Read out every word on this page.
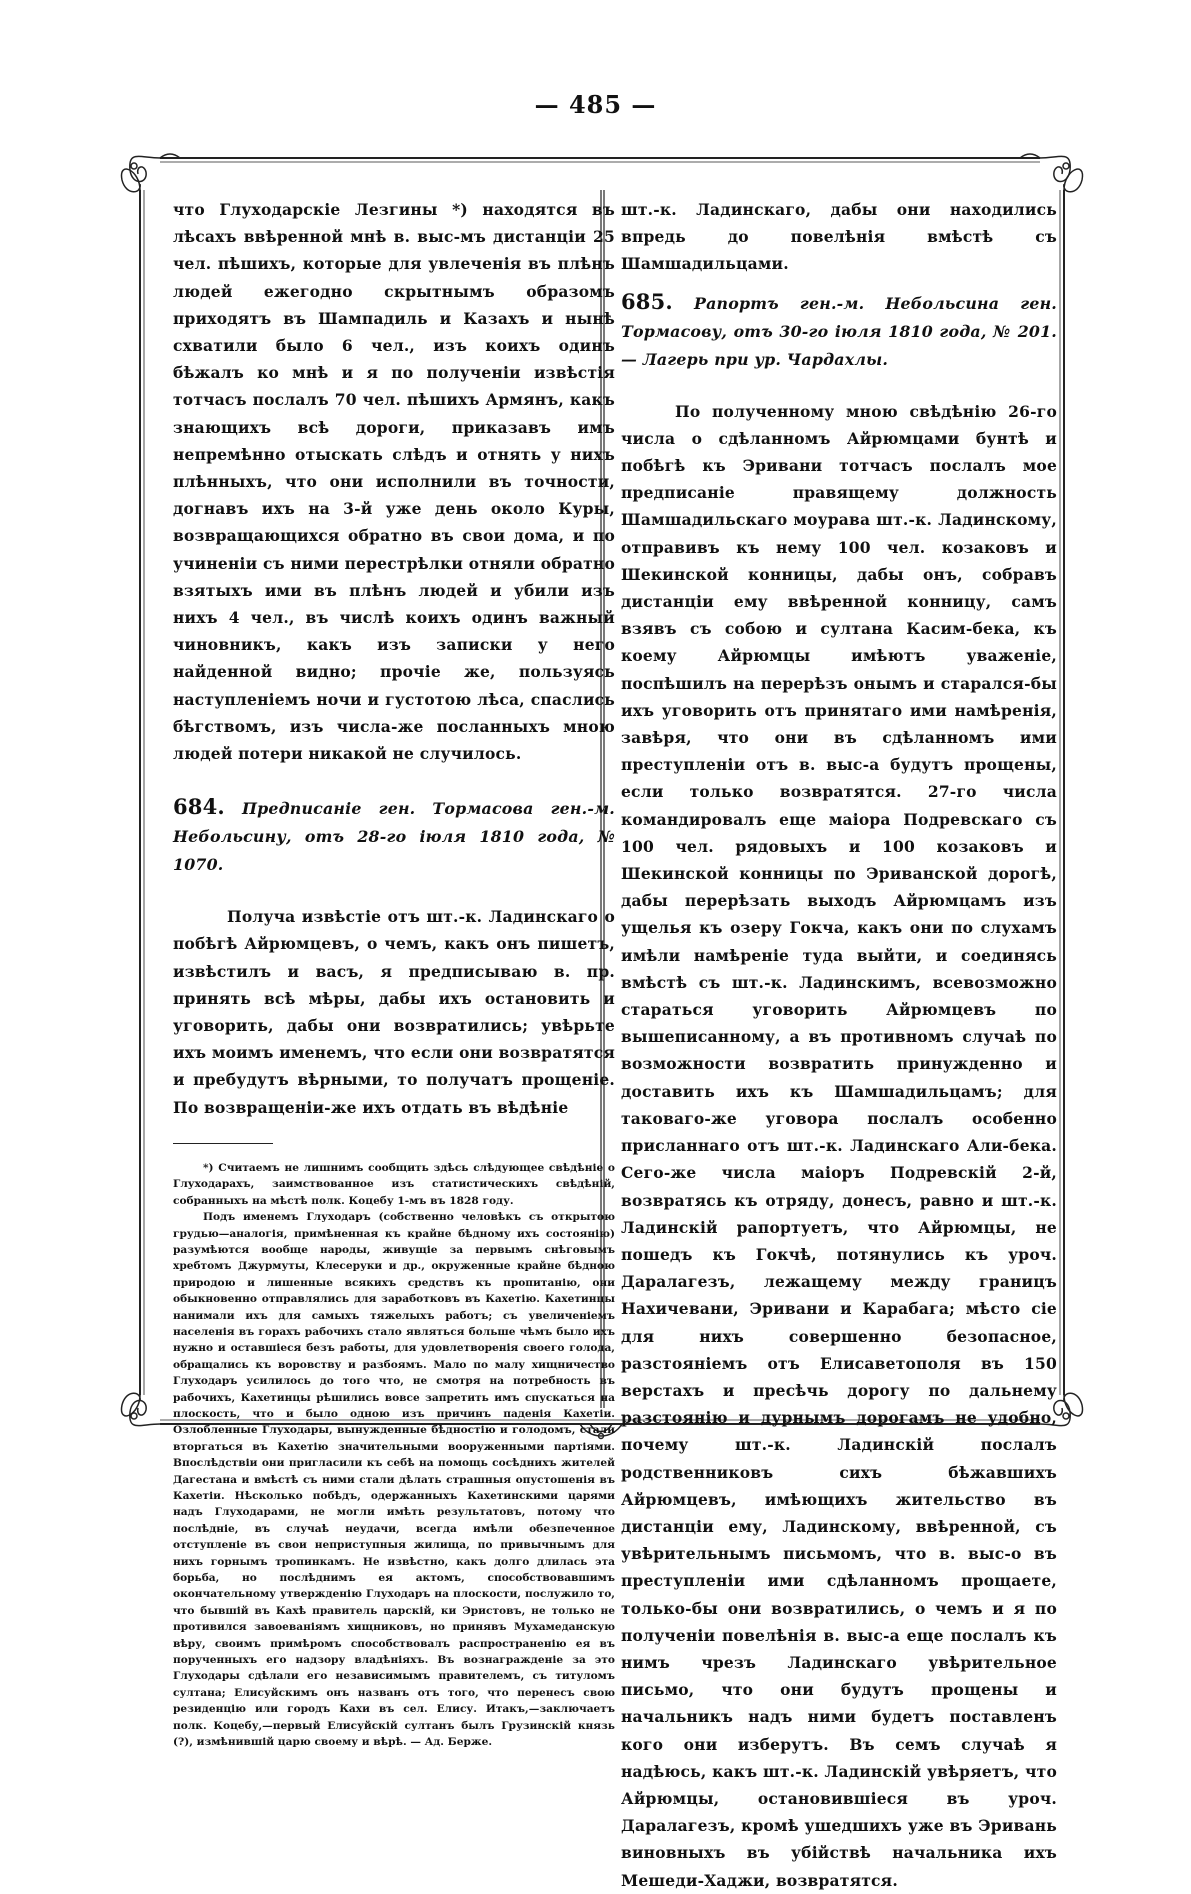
— 485 —

что Глуходарскіе Лезгины *) находятся въ лѣсахъ ввѣренной мнѣ в. выс-мъ дистанціи 25 чел. пѣшихъ, которые для увлеченія въ плѣнъ людей ежегодно скрытнымъ образомъ приходятъ въ Шампадиль и Казахъ и нынѣ схватили было 6 чел., изъ коихъ одинъ бѣжалъ ко мнѣ и я по полученіи извѣстія тотчасъ послалъ 70 чел. пѣшихъ Армянъ, какъ знающихъ всѣ дороги, приказавъ имъ непремѣнно отыскать слѣдъ и отнять у нихъ плѣнныхъ, что они исполнили въ точности, догнавъ ихъ на 3-й уже день около Куры, возвращающихся обратно въ свои дома, и по учиненіи съ ними перестрѣлки отняли обратно взятыхъ ими въ плѣнъ людей и убили изъ нихъ 4 чел., въ числѣ коихъ одинъ важный чиновникъ, какъ изъ записки у него найденной видно; прочіе же, пользуясь наступленіемъ ночи и густотою лѣса, спаслись бѣгствомъ, изъ числа-же посланныхъ мною людей потери никакой не случилось.

684. Предписаніе ген. Тормасова ген.-м. Небольсину, отъ 28-го іюля 1810 года, № 1070.

Получа извѣстіе отъ шт.-к. Ладинскаго о побѣгѣ Айрюмцевъ, о чемъ, какъ онъ пишетъ, извѣстилъ и васъ, я предписываю в. пр. принять всѣ мѣры, дабы ихъ остановить и уговорить, дабы они возвратились; увѣрьте ихъ моимъ именемъ, что если они возвратятся и пребудутъ вѣрными, то получатъ прощеніе. По возвращеніи-же ихъ отдать въ вѣдѣніе

*) Считаемъ не лишнимъ сообщить здѣсь слѣдующее свѣдѣніе о Глуходарахъ, заимствованное изъ статистическихъ свѣдѣній, собранныхъ на мѣстѣ полк. Коцебу 1-мъ въ 1828 году.

Подъ именемъ Глуходаръ (собственно человѣкъ съ открытою грудью—аналогія, примѣненная къ крайне бѣдному ихъ состоянію) разумѣются вообще народы, живущіе за первымъ снѣговымъ хребтомъ Джурмуты, Клесеруки и др., окруженные крайне бѣдною природою и лишенные всякихъ средствъ къ пропитанію, они обыкновенно отправлялись для заработковъ въ Кахетію. Кахетинцы нанимали ихъ для самыхъ тяжелыхъ работъ; съ увеличеніемъ населенія въ горахъ рабочихъ стало являться больше чѣмъ было ихъ нужно и оставшіеся безъ работы, для удовлетворенія своего голода, обращались къ воровству и разбоямъ. Мало по малу хищничество Глуходаръ усилилось до того что, не смотря на потребность въ рабочихъ, Кахетинцы рѣшились вовсе запретить имъ спускаться на плоскость, что и было одною изъ причинъ паденія Кахетіи. Озлобленные Глуходары, вынужденные бѣдностію и голодомъ, стали вторгаться въ Кахетію значительными вооруженными партіями. Впослѣдствіи они пригласили къ себѣ на помощь сосѣднихъ жителей Дагестана и вмѣстѣ съ ними стали дѣлать страшныя опустошенія въ Кахетіи. Нѣсколько побѣдъ, одержанныхъ Кахетинскими царями надъ Глуходарами, не могли имѣть результатовъ, потому что послѣдніе, въ случаѣ неудачи, всегда имѣли обезпеченное отступленіе въ свои неприступныя жилища, по привычнымъ для нихъ горнымъ тропинкамъ. Не извѣстно, какъ долго длилась эта борьба, но послѣднимъ ея актомъ, способствовавшимъ окончательному утвержденію Глуходаръ на плоскости, послужило то, что бывшій въ Кахѣ правитель царскій, ки Эристовъ, не только не противился завоеваніямъ хищниковъ, но принявъ Мухамеданскую вѣру, своимъ примѣромъ способствовалъ распространенію ея въ порученныхъ его надзору владѣніяхъ. Въ вознагражденіе за это Глуходары сдѣлали его независимымъ правителемъ, съ титуломъ султана; Елисуйскимъ онъ названъ отъ того, что перенесъ свою резиденцію или городъ Кахи въ сел. Елису. Итакъ,—заключаетъ полк. Коцебу,—первый Елисуйскій султанъ былъ Грузинскій князь (?), измѣнившій царю своему и вѣрѣ. — Ад. Берже.

шт.-к. Ладинскаго, дабы они находились впредь до повелѣнія вмѣстѣ съ Шамшадильцами.

685. Рапортъ ген.-м. Небольсина ген. Тормасову, отъ 30-го іюля 1810 года, № 201. — Лагерь при ур. Чардахлы.

По полученному мною свѣдѣнію 26-го числа о сдѣланномъ Айрюмцами бунтѣ и побѣгѣ къ Эривани тотчасъ послалъ мое предписаніе правящему должность Шамшадильскаго моурава шт.-к. Ладинскому, отправивъ къ нему 100 чел. козаковъ и Шекинской конницы, дабы онъ, собравъ дистанціи ему ввѣренной конницу, самъ взявъ съ собою и султана Касим-бека, къ коему Айрюмцы имѣютъ уваженіе, поспѣшилъ на перерѣзъ онымъ и старался-бы ихъ уговорить отъ принятаго ими намѣренія, завѣря, что они въ сдѣланномъ ими преступленіи отъ в. выс-а будутъ прощены, если только возвратятся. 27-го числа командировалъ еще маіора Подревскаго съ 100 чел. рядовыхъ и 100 козаковъ и Шекинской конницы по Эриванской дорогѣ, дабы перерѣзать выходъ Айрюмцамъ изъ ущелья къ озеру Гокча, какъ они по слухамъ имѣли намѣреніе туда выйти, и соединясь вмѣстѣ съ шт.-к. Ладинскимъ, всевозможно стараться уговорить Айрюмцевъ по вышеписанному, а въ противномъ случаѣ по возможности возвратить принужденно и доставить ихъ къ Шамшадильцамъ; для таковаго-же уговора послалъ особенно присланнаго отъ шт.-к. Ладинскаго Али-бека. Сего-же числа маіоръ Подревскій 2-й, возвратясь къ отряду, донесъ, равно и шт.-к. Ладинскій рапортуетъ, что Айрюмцы, не пошедъ къ Гокчѣ, потянулись къ уроч. Даралагезъ, лежащему между границъ Нахичевани, Эривани и Карабага; мѣсто сіе для нихъ совершенно безопасное, разстояніемъ отъ Елисаветополя въ 150 верстахъ и пресѣчь дорогу по дальнему разстоянію и дурнымъ дорогамъ не удобно, почему шт.-к. Ладинскій послалъ родственниковъ сихъ бѣжавшихъ Айрюмцевъ, имѣющихъ жительство въ дистанціи ему, Ладинскому, ввѣренной, съ увѣрительнымъ письмомъ, что в. выс-о въ преступленіи ими сдѣланномъ прощаете, только-бы они возвратились, о чемъ и я по полученіи повелѣнія в. выс-а еще послалъ къ нимъ чрезъ Ладинскаго увѣрительное письмо, что они будутъ прощены и начальникъ надъ ними будетъ поставленъ кого они изберутъ. Въ семъ случаѣ я надѣюсь, какъ шт.-к. Ладинскій увѣряетъ, что Айрюмцы, остановившіеся въ уроч. Даралагезъ, кромѣ ушедшихъ уже въ Эривань виновныхъ въ убійствѣ начальника ихъ Мешеди-Хаджи, возвратятся.
